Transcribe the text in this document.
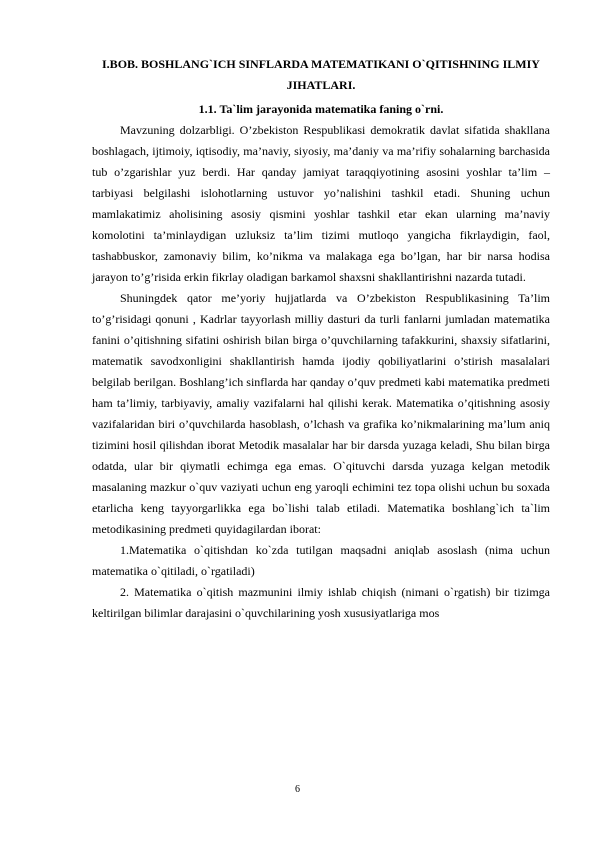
I.BOB. BOSHLANG`ICH SINFLARDA MATEMATIKANI O`QITISHNING ILMIY JIHATLARI.
1.1. Ta`lim jarayonida matematika faning o`rni.

Mavzuning dolzarbligi. O’zbekiston Respublikasi demokratik davlat sifatida shakllana boshlagach, ijtimoiy, iqtisodiy, ma’naviy, siyosiy, ma’daniy va ma’rifiy sohalarning barchasida tub o’zgarishlar yuz berdi. Har qanday jamiyat taraqqiyotining asosini yoshlar ta’lim – tarbiyasi belgilashi islohotlarning ustuvor yo’nalishini tashkil etadi. Shuning uchun mamlakatimiz aholisining asosiy qismini yoshlar tashkil etar ekan ularning ma’naviy komolotini ta’minlaydigan uzluksiz ta’lim tizimi mutloqo yangicha fikrlaydigin, faol, tashabbuskor, zamonaviy bilim, ko’nikma va malakaga ega bo’lgan, har bir narsa hodisa jarayon to’g’risida erkin fikrlay oladigan barkamol shaxsni shakllantirishni nazarda tutadi.

Shuningdek qator me’yoriy hujjatlarda va O’zbekiston Respublikasining Ta’lim to’g’risidagi qonuni , Kadrlar tayyorlash milliy dasturi da turli fanlarni jumladan matematika fanini o’qitishning sifatini oshirish bilan birga o’quvchilarning tafakkurini, shaxsiy sifatlarini, matematik savodxonligini shakllantirish hamda ijodiy qobiliyatlarini o’stirish masalalari belgilab berilgan. Boshlang’ich sinflarda har qanday o’quv predmeti kabi matematika predmeti ham ta’limiy, tarbiyaviy, amaliy vazifalarni hal qilishi kerak. Matematika o’qitishning asosiy vazifalaridan biri o’quvchilarda hasoblash, o’lchash va grafika ko’nikmalarining ma’lum aniq tizimini hosil qilishdan iborat Metodik masalalar har bir darsda yuzaga keladi, Shu bilan birga odatda, ular bir qiymatli echimga ega emas. O`qituvchi darsda yuzaga kelgan metodik masalaning mazkur o`quv vaziyati uchun eng yaroqli echimini tez topa olishi uchun bu soxada etarlicha keng tayyorgarlikka ega bo`lishi talab etiladi. Matematika boshlang`ich ta`lim metodikasining predmeti quyidagilardan iborat:

1.Matematika o`qitishdan ko`zda tutilgan maqsadni aniqlab asoslash (nima uchun matematika o`qitiladi, o`rgatiladi)

2. Matematika o`qitish mazmunini ilmiy ishlab chiqish (nimani o`rgatish) bir tizimga keltirilgan bilimlar darajasini o`quvchilarining yosh xususiyatlariga mos

6
